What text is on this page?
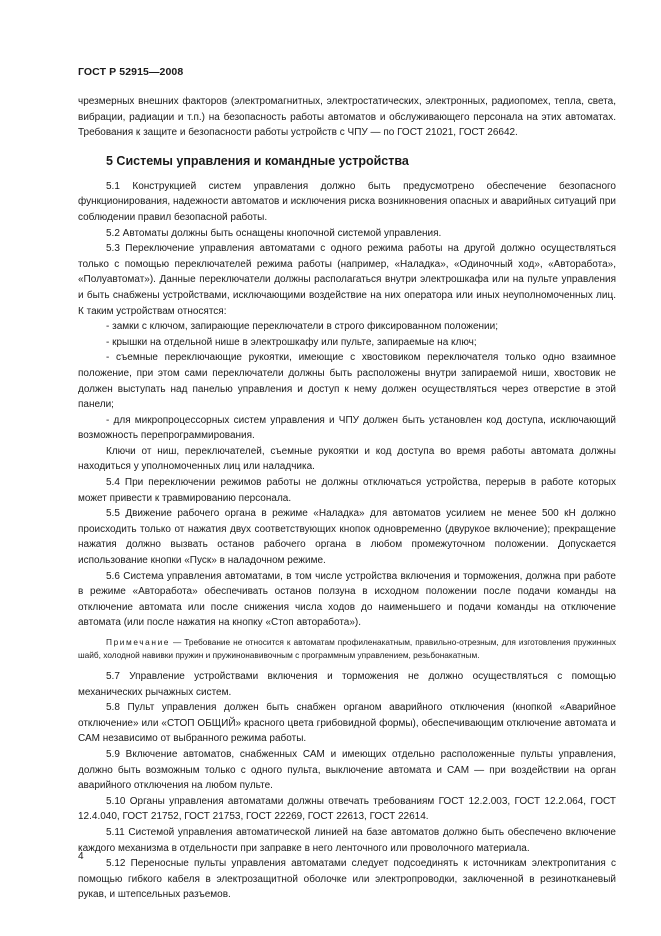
ГОСТ Р 52915—2008

чрезмерных внешних факторов (электромагнитных, электростатических, электронных, радиопомех, тепла, света, вибрации, радиации и т.п.) на безопасность работы автоматов и обслуживающего персонала на этих автоматах. Требования к защите и безопасности работы устройств с ЧПУ — по ГОСТ 21021, ГОСТ 26642.

5 Системы управления и командные устройства

5.1 Конструкцией систем управления должно быть предусмотрено обеспечение безопасного функционирования, надежности автоматов и исключения риска возникновения опасных и аварийных ситуаций при соблюдении правил безопасной работы.

5.2 Автоматы должны быть оснащены кнопочной системой управления.

5.3 Переключение управления автоматами с одного режима работы на другой должно осуществляться только с помощью переключателей режима работы (например, «Наладка», «Одиночный ход», «Авторабота», «Полуавтомат»). Данные переключатели должны располагаться внутри электрошкафа или на пульте управления и быть снабжены устройствами, исключающими воздействие на них оператора или иных неуполномоченных лиц. К таким устройствам относятся:

- замки с ключом, запирающие переключатели в строго фиксированном положении;

- крышки на отдельной нише в электрошкафу или пульте, запираемые на ключ;

- съемные переключающие рукоятки, имеющие с хвостовиком переключателя только одно взаимное положение, при этом сами переключатели должны быть расположены внутри запираемой ниши, хвостовик не должен выступать над панелью управления и доступ к нему должен осуществляться через отверстие в этой панели;

- для микропроцессорных систем управления и ЧПУ должен быть установлен код доступа, исключающий возможность перепрограммирования.

Ключи от ниш, переключателей, съемные рукоятки и код доступа во время работы автомата должны находиться у уполномоченных лиц или наладчика.

5.4 При переключении режимов работы не должны отключаться устройства, перерыв в работе которых может привести к травмированию персонала.

5.5 Движение рабочего органа в режиме «Наладка» для автоматов усилием не менее 500 кН должно происходить только от нажатия двух соответствующих кнопок одновременно (двурукое включение); прекращение нажатия должно вызвать останов рабочего органа в любом промежуточном положении. Допускается использование кнопки «Пуск» в наладочном режиме.

5.6 Система управления автоматами, в том числе устройства включения и торможения, должна при работе в режиме «Авторабота» обеспечивать останов ползуна в исходном положении после подачи команды на отключение автомата или после снижения числа ходов до наименьшего и подачи команды на отключение автомата (или после нажатия на кнопку «Стоп авторабота»).

Примечание — Требование не относится к автоматам профиленакатным, правильно-отрезным, для изготовления пружинных шайб, холодной навивки пружин и пружинонавивочным с программным управлением, резьбонакатным.

5.7 Управление устройствами включения и торможения не должно осуществляться с помощью механических рычажных систем.

5.8 Пульт управления должен быть снабжен органом аварийного отключения (кнопкой «Аварийное отключение» или «СТОП ОБЩИЙ» красного цвета грибовидной формы), обеспечивающим отключение автомата и САМ независимо от выбранного режима работы.

5.9 Включение автоматов, снабженных САМ и имеющих отдельно расположенные пульты управления, должно быть возможным только с одного пульта, выключение автомата и САМ — при воздействии на орган аварийного отключения на любом пульте.

5.10 Органы управления автоматами должны отвечать требованиям ГОСТ 12.2.003, ГОСТ 12.2.064, ГОСТ 12.4.040, ГОСТ 21752, ГОСТ 21753, ГОСТ 22269, ГОСТ 22613, ГОСТ 22614.

5.11 Системой управления автоматической линией на базе автоматов должно быть обеспечено включение каждого механизма в отдельности при заправке в него ленточного или проволочного материала.

5.12 Переносные пульты управления автоматами следует подсоединять к источникам электропитания с помощью гибкого кабеля в электрозащитной оболочке или электропроводки, заключенной в резинотканевый рукав, и штепсельных разъемов.

4
